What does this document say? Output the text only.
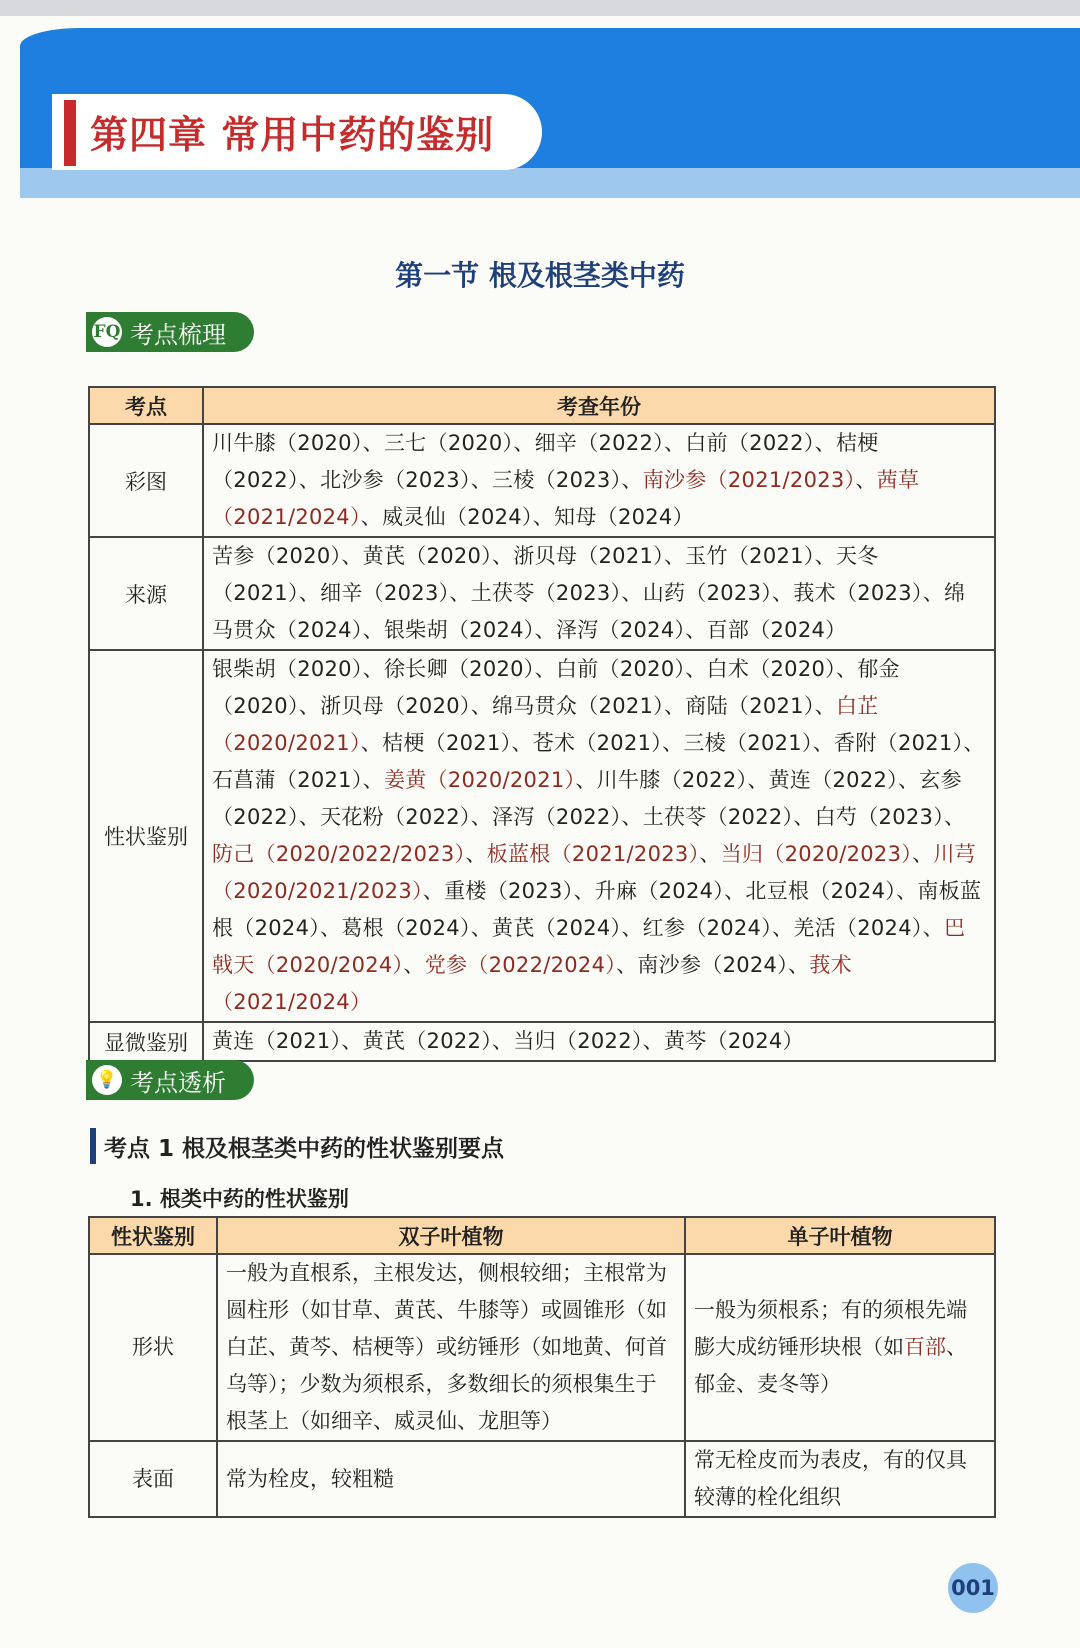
第四章 常用中药的鉴别
第一节 根及根茎类中药
FQ 考点梳理
考点	考查年份
彩图	川牛膝（2020）、三七（2020）、细辛（2022）、白前（2022）、桔梗（2022）、北沙参（2023）、三棱（2023）、南沙参（2021/2023）、茜草（2021/2024）、威灵仙（2024）、知母（2024）
来源	苦参（2020）、黄芪（2020）、浙贝母（2021）、玉竹（2021）、天冬（2021）、细辛（2023）、土茯苓（2023）、山药（2023）、莪术（2023）、绵马贯众（2024）、银柴胡（2024）、泽泻（2024）、百部（2024）
性状鉴别	银柴胡（2020）、徐长卿（2020）、白前（2020）、白术（2020）、郁金（2020）、浙贝母（2020）、绵马贯众（2021）、商陆（2021）、白芷（2020/2021）、桔梗（2021）、苍术（2021）、三棱（2021）、香附（2021）、石菖蒲（2021）、姜黄（2020/2021）、川牛膝（2022）、黄连（2022）、玄参（2022）、天花粉（2022）、泽泻（2022）、土茯苓（2022）、白芍（2023）、防己（2020/2022/2023）、板蓝根（2021/2023）、当归（2020/2023）、川芎（2020/2021/2023）、重楼（2023）、升麻（2024）、北豆根（2024）、南板蓝根（2024）、葛根（2024）、黄芪（2024）、红参（2024）、羌活（2024）、巴戟天（2020/2024）、党参（2022/2024）、南沙参（2024）、莪术（2021/2024）
显微鉴别	黄连（2021）、黄芪（2022）、当归（2022）、黄芩（2024）
💡 考点透析
考点 1 根及根茎类中药的性状鉴别要点
1. 根类中药的性状鉴别
性状鉴别	双子叶植物	单子叶植物
形状	一般为直根系，主根发达，侧根较细；主根常为圆柱形（如甘草、黄芪、牛膝等）或圆锥形（如白芷、黄芩、桔梗等）或纺锤形（如地黄、何首乌等）；少数为须根系，多数细长的须根集生于根茎上（如细辛、威灵仙、龙胆等）	一般为须根系；有的须根先端膨大成纺锤形块根（如百部、郁金、麦冬等）
表面	常为栓皮，较粗糙	常无栓皮而为表皮，有的仅具较薄的栓化组织
001
